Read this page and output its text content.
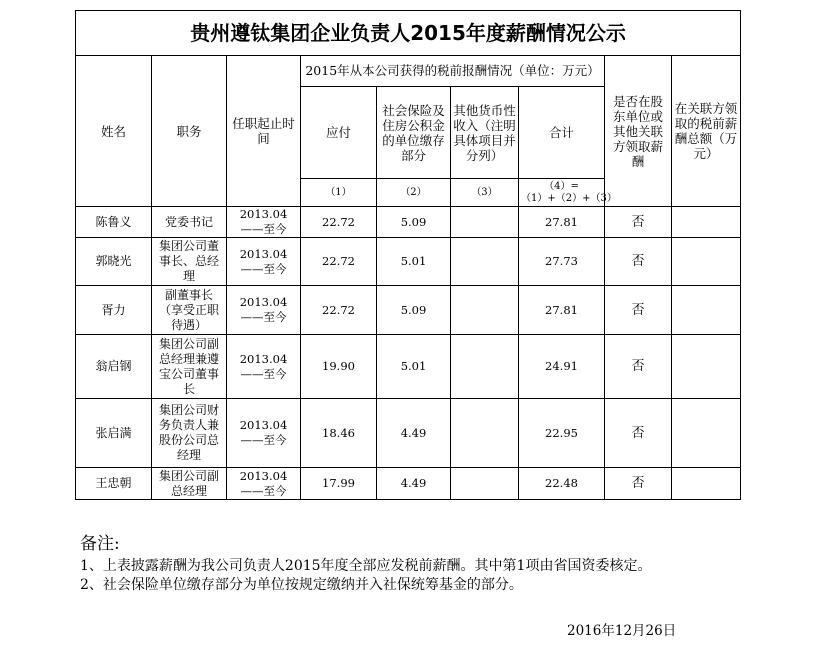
贵州遵钛集团企业负责人2015年度薪酬情况公示								
姓名	职务	任职起止时间	2015年从本公司获得的税前报酬情况（单位：万元）				是否在股东单位或其他关联方领取薪酬	在关联方领取的税前薪酬总额（万元）
			应付	社会保险及住房公积金的单位缴存部分	其他货币性收入（注明具体项目并分列）	合计		
			（1）	（2）	（3）	（4）=（1）+（2）+（3）		
陈鲁义	党委书记	2013.04——至今	22.72	5.09		27.81	否	
郭晓光	集团公司董事长、总经理	2013.04——至今	22.72	5.01		27.73	否	
胥力	副董事长（享受正职待遇）	2013.04——至今	22.72	5.09		27.81	否	
翁启钢	集团公司副总经理兼遵宝公司董事长	2013.04——至今	19.90	5.01		24.91	否	
张启满	集团公司财务负责人兼股份公司总经理	2013.04——至今	18.46	4.49		22.95	否	
王忠朝	集团公司副总经理	2013.04——至今	17.99	4.49		22.48	否	
备注:
1、上表披露薪酬为我公司负责人2015年度全部应发税前薪酬。其中第1项由省国资委核定。
2、社会保险单位缴存部分为单位按规定缴纳并入社保统筹基金的部分。
2016年12月26日
